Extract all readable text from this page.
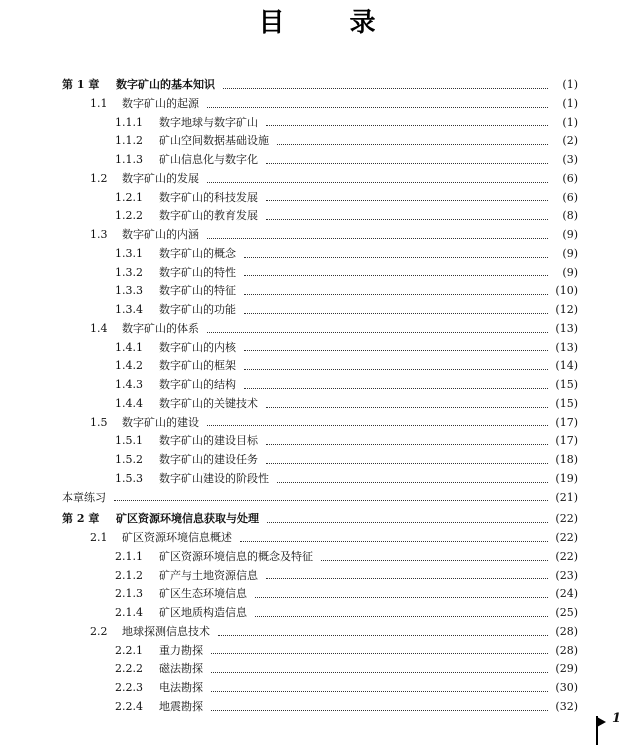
目 录
第 1 章 数字矿山的基本知识	(1)
1.1 数字矿山的起源	(1)
1.1.1 数字地球与数字矿山	(1)
1.1.2 矿山空间数据基础设施	(2)
1.1.3 矿山信息化与数字化	(3)
1.2 数字矿山的发展	(6)
1.2.1 数字矿山的科技发展	(6)
1.2.2 数字矿山的教育发展	(8)
1.3 数字矿山的内涵	(9)
1.3.1 数字矿山的概念	(9)
1.3.2 数字矿山的特性	(9)
1.3.3 数字矿山的特征	(10)
1.3.4 数字矿山的功能	(12)
1.4 数字矿山的体系	(13)
1.4.1 数字矿山的内核	(13)
1.4.2 数字矿山的框架	(14)
1.4.3 数字矿山的结构	(15)
1.4.4 数字矿山的关键技术	(15)
1.5 数字矿山的建设	(17)
1.5.1 数字矿山的建设目标	(17)
1.5.2 数字矿山的建设任务	(18)
1.5.3 数字矿山建设的阶段性	(19)
本章练习	(21)
第 2 章 矿区资源环境信息获取与处理	(22)
2.1 矿区资源环境信息概述	(22)
2.1.1 矿区资源环境信息的概念及特征	(22)
2.1.2 矿产与土地资源信息	(23)
2.1.3 矿区生态环境信息	(24)
2.1.4 矿区地质构造信息	(25)
2.2 地球探测信息技术	(28)
2.2.1 重力勘探	(28)
2.2.2 磁法勘探	(29)
2.2.3 电法勘探	(30)
2.2.4 地震勘探	(32)
1
